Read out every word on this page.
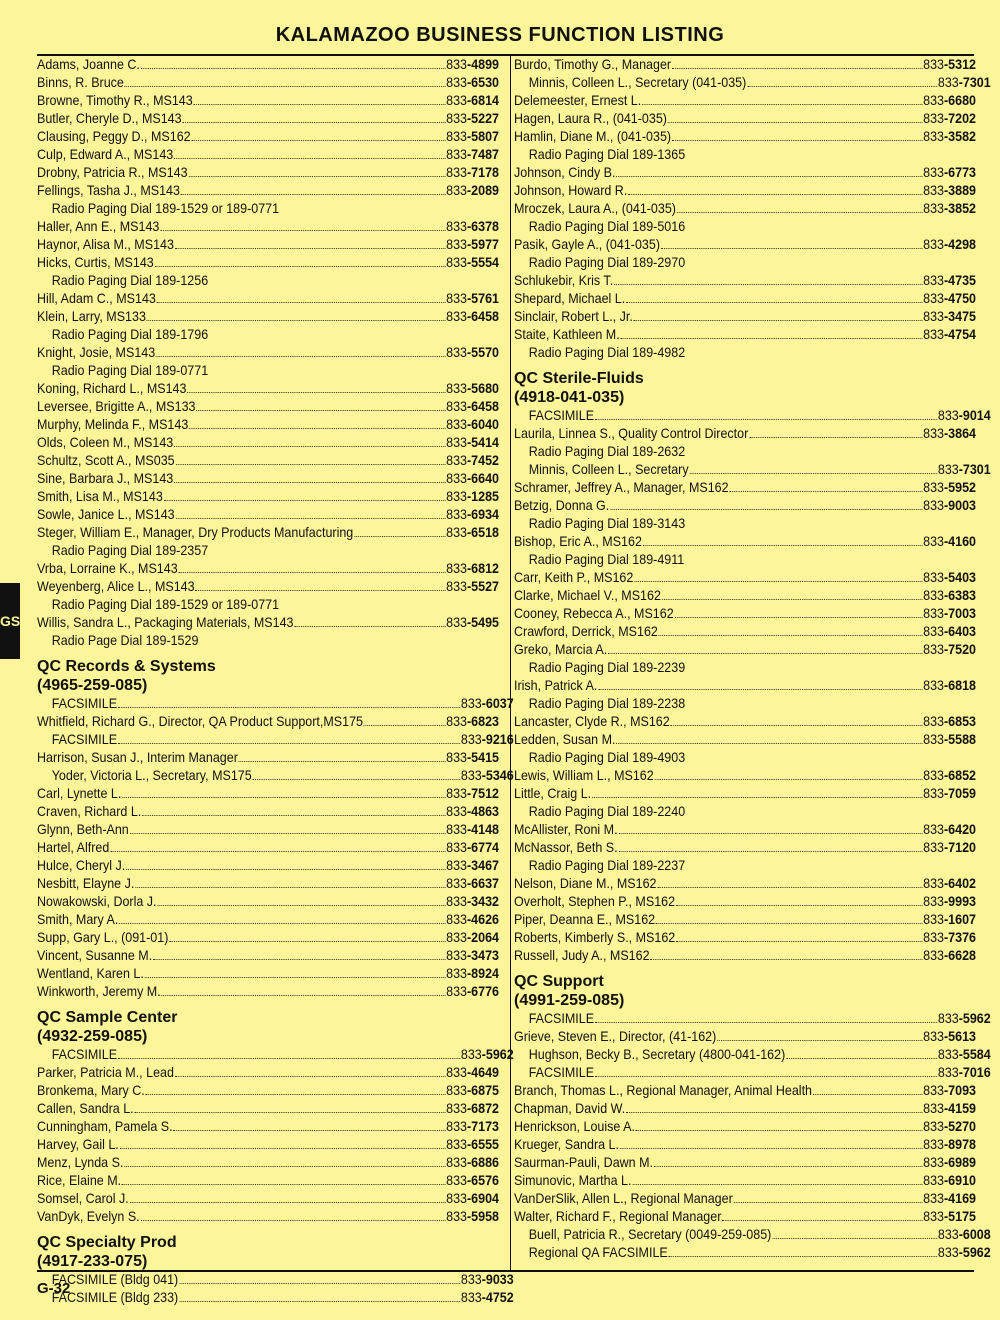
KALAMAZOO BUSINESS FUNCTION LISTING
Adams, Joanne C.	833-4899
Binns, R. Bruce	833-6530
Browne, Timothy R., MS143	833-6814
Butler, Cheryle D., MS143	833-5227
Clausing, Peggy D., MS162	833-5807
Culp, Edward A., MS143	833-7487
Drobny, Patricia R., MS143	833-7178
Fellings, Tasha J., MS143	833-2089
Radio Paging Dial 189-1529 or 189-0771
Haller, Ann E., MS143	833-6378
Haynor, Alisa M., MS143	833-5977
Hicks, Curtis, MS143	833-5554
Radio Paging Dial 189-1256
Hill, Adam C., MS143	833-5761
Klein, Larry, MS133	833-6458
Radio Paging Dial 189-1796
Knight, Josie, MS143	833-5570
Radio Paging Dial 189-0771
Koning, Richard L., MS143	833-5680
Leversee, Brigitte A., MS133	833-6458
Murphy, Melinda F., MS143	833-6040
Olds, Coleen M., MS143	833-5414
Schultz, Scott A., MS035	833-7452
Sine, Barbara J., MS143	833-6640
Smith, Lisa M., MS143	833-1285
Sowle, Janice L., MS143	833-6934
Steger, William E., Manager, Dry Products Manufacturing	833-6518
Radio Paging Dial 189-2357
Vrba, Lorraine K., MS143	833-6812
Weyenberg, Alice L., MS143	833-5527
Radio Paging Dial 189-1529 or 189-0771
Willis, Sandra L., Packaging Materials, MS143	833-5495
Radio Page Dial 189-1529
QC Records & Systems
(4965-259-085)
FACSIMILE	833-6037
Whitfield, Richard G., Director, QA Product Support,MS175	833-6823
FACSIMILE	833-9216
Harrison, Susan J., Interim Manager	833-5415
Yoder, Victoria L., Secretary, MS175	833-5346
Carl, Lynette L.	833-7512
Craven, Richard L.	833-4863
Glynn, Beth-Ann	833-4148
Hartel, Alfred	833-6774
Hulce, Cheryl J.	833-3467
Nesbitt, Elayne J.	833-6637
Nowakowski, Dorla J.	833-3432
Smith, Mary A.	833-4626
Supp, Gary L., (091-01)	833-2064
Vincent, Susanne M.	833-3473
Wentland, Karen L.	833-8924
Winkworth, Jeremy M.	833-6776
QC Sample Center
(4932-259-085)
FACSIMILE	833-5962
Parker, Patricia M., Lead	833-4649
Bronkema, Mary C.	833-6875
Callen, Sandra L.	833-6872
Cunningham, Pamela S.	833-7173
Harvey, Gail L.	833-6555
Menz, Lynda S.	833-6886
Rice, Elaine M.	833-6576
Somsel, Carol J.	833-6904
VanDyk, Evelyn S.	833-5958
QC Specialty Prod
(4917-233-075)
FACSIMILE (Bldg 041)	833-9033
FACSIMILE (Bldg 233)	833-4752
Burdo, Timothy G., Manager	833-5312
Minnis, Colleen L., Secretary (041-035)	833-7301
Delemeester, Ernest L.	833-6680
Hagen, Laura R., (041-035)	833-7202
Hamlin, Diane M., (041-035)	833-3582
Radio Paging Dial 189-1365
Johnson, Cindy B.	833-6773
Johnson, Howard R.	833-3889
Mroczek, Laura A., (041-035)	833-3852
Radio Paging Dial 189-5016
Pasik, Gayle A., (041-035)	833-4298
Radio Paging Dial 189-2970
Schlukebir, Kris T.	833-4735
Shepard, Michael L.	833-4750
Sinclair, Robert L., Jr.	833-3475
Staite, Kathleen M.	833-4754
Radio Paging Dial 189-4982
QC Sterile-Fluids
(4918-041-035)
FACSIMILE	833-9014
Laurila, Linnea S., Quality Control Director	833-3864
Radio Paging Dial 189-2632
Minnis, Colleen L., Secretary	833-7301
Schramer, Jeffrey A., Manager, MS162	833-5952
Betzig, Donna G.	833-9003
Radio Paging Dial 189-3143
Bishop, Eric A., MS162	833-4160
Radio Paging Dial 189-4911
Carr, Keith P., MS162	833-5403
Clarke, Michael V., MS162	833-6383
Cooney, Rebecca A., MS162	833-7003
Crawford, Derrick, MS162	833-6403
Greko, Marcia A.	833-7520
Radio Paging Dial 189-2239
Irish, Patrick A.	833-6818
Radio Paging Dial 189-2238
Lancaster, Clyde R., MS162	833-6853
Ledden, Susan M.	833-5588
Radio Paging Dial 189-4903
Lewis, William L., MS162	833-6852
Little, Craig L.	833-7059
Radio Paging Dial 189-2240
McAllister, Roni M.	833-6420
McNassor, Beth S.	833-7120
Radio Paging Dial 189-2237
Nelson, Diane M., MS162	833-6402
Overholt, Stephen P., MS162	833-9993
Piper, Deanna E., MS162	833-1607
Roberts, Kimberly S., MS162	833-7376
Russell, Judy A., MS162	833-6628
QC Support
(4991-259-085)
FACSIMILE	833-5962
Grieve, Steven E., Director, (41-162)	833-5613
Hughson, Becky B., Secretary (4800-041-162)	833-5584
FACSIMILE	833-7016
Branch, Thomas L., Regional Manager, Animal Health	833-7093
Chapman, David W.	833-4159
Henrickson, Louise A.	833-5270
Krueger, Sandra L.	833-8978
Saurman-Pauli, Dawn M.	833-6989
Simunovic, Martha L.	833-6910
VanDerSlik, Allen L., Regional Manager	833-4169
Walter, Richard F., Regional Manager	833-5175
Buell, Patricia R., Secretary (0049-259-085)	833-6008
Regional QA FACSIMILE	833-5962
GS
G-32
